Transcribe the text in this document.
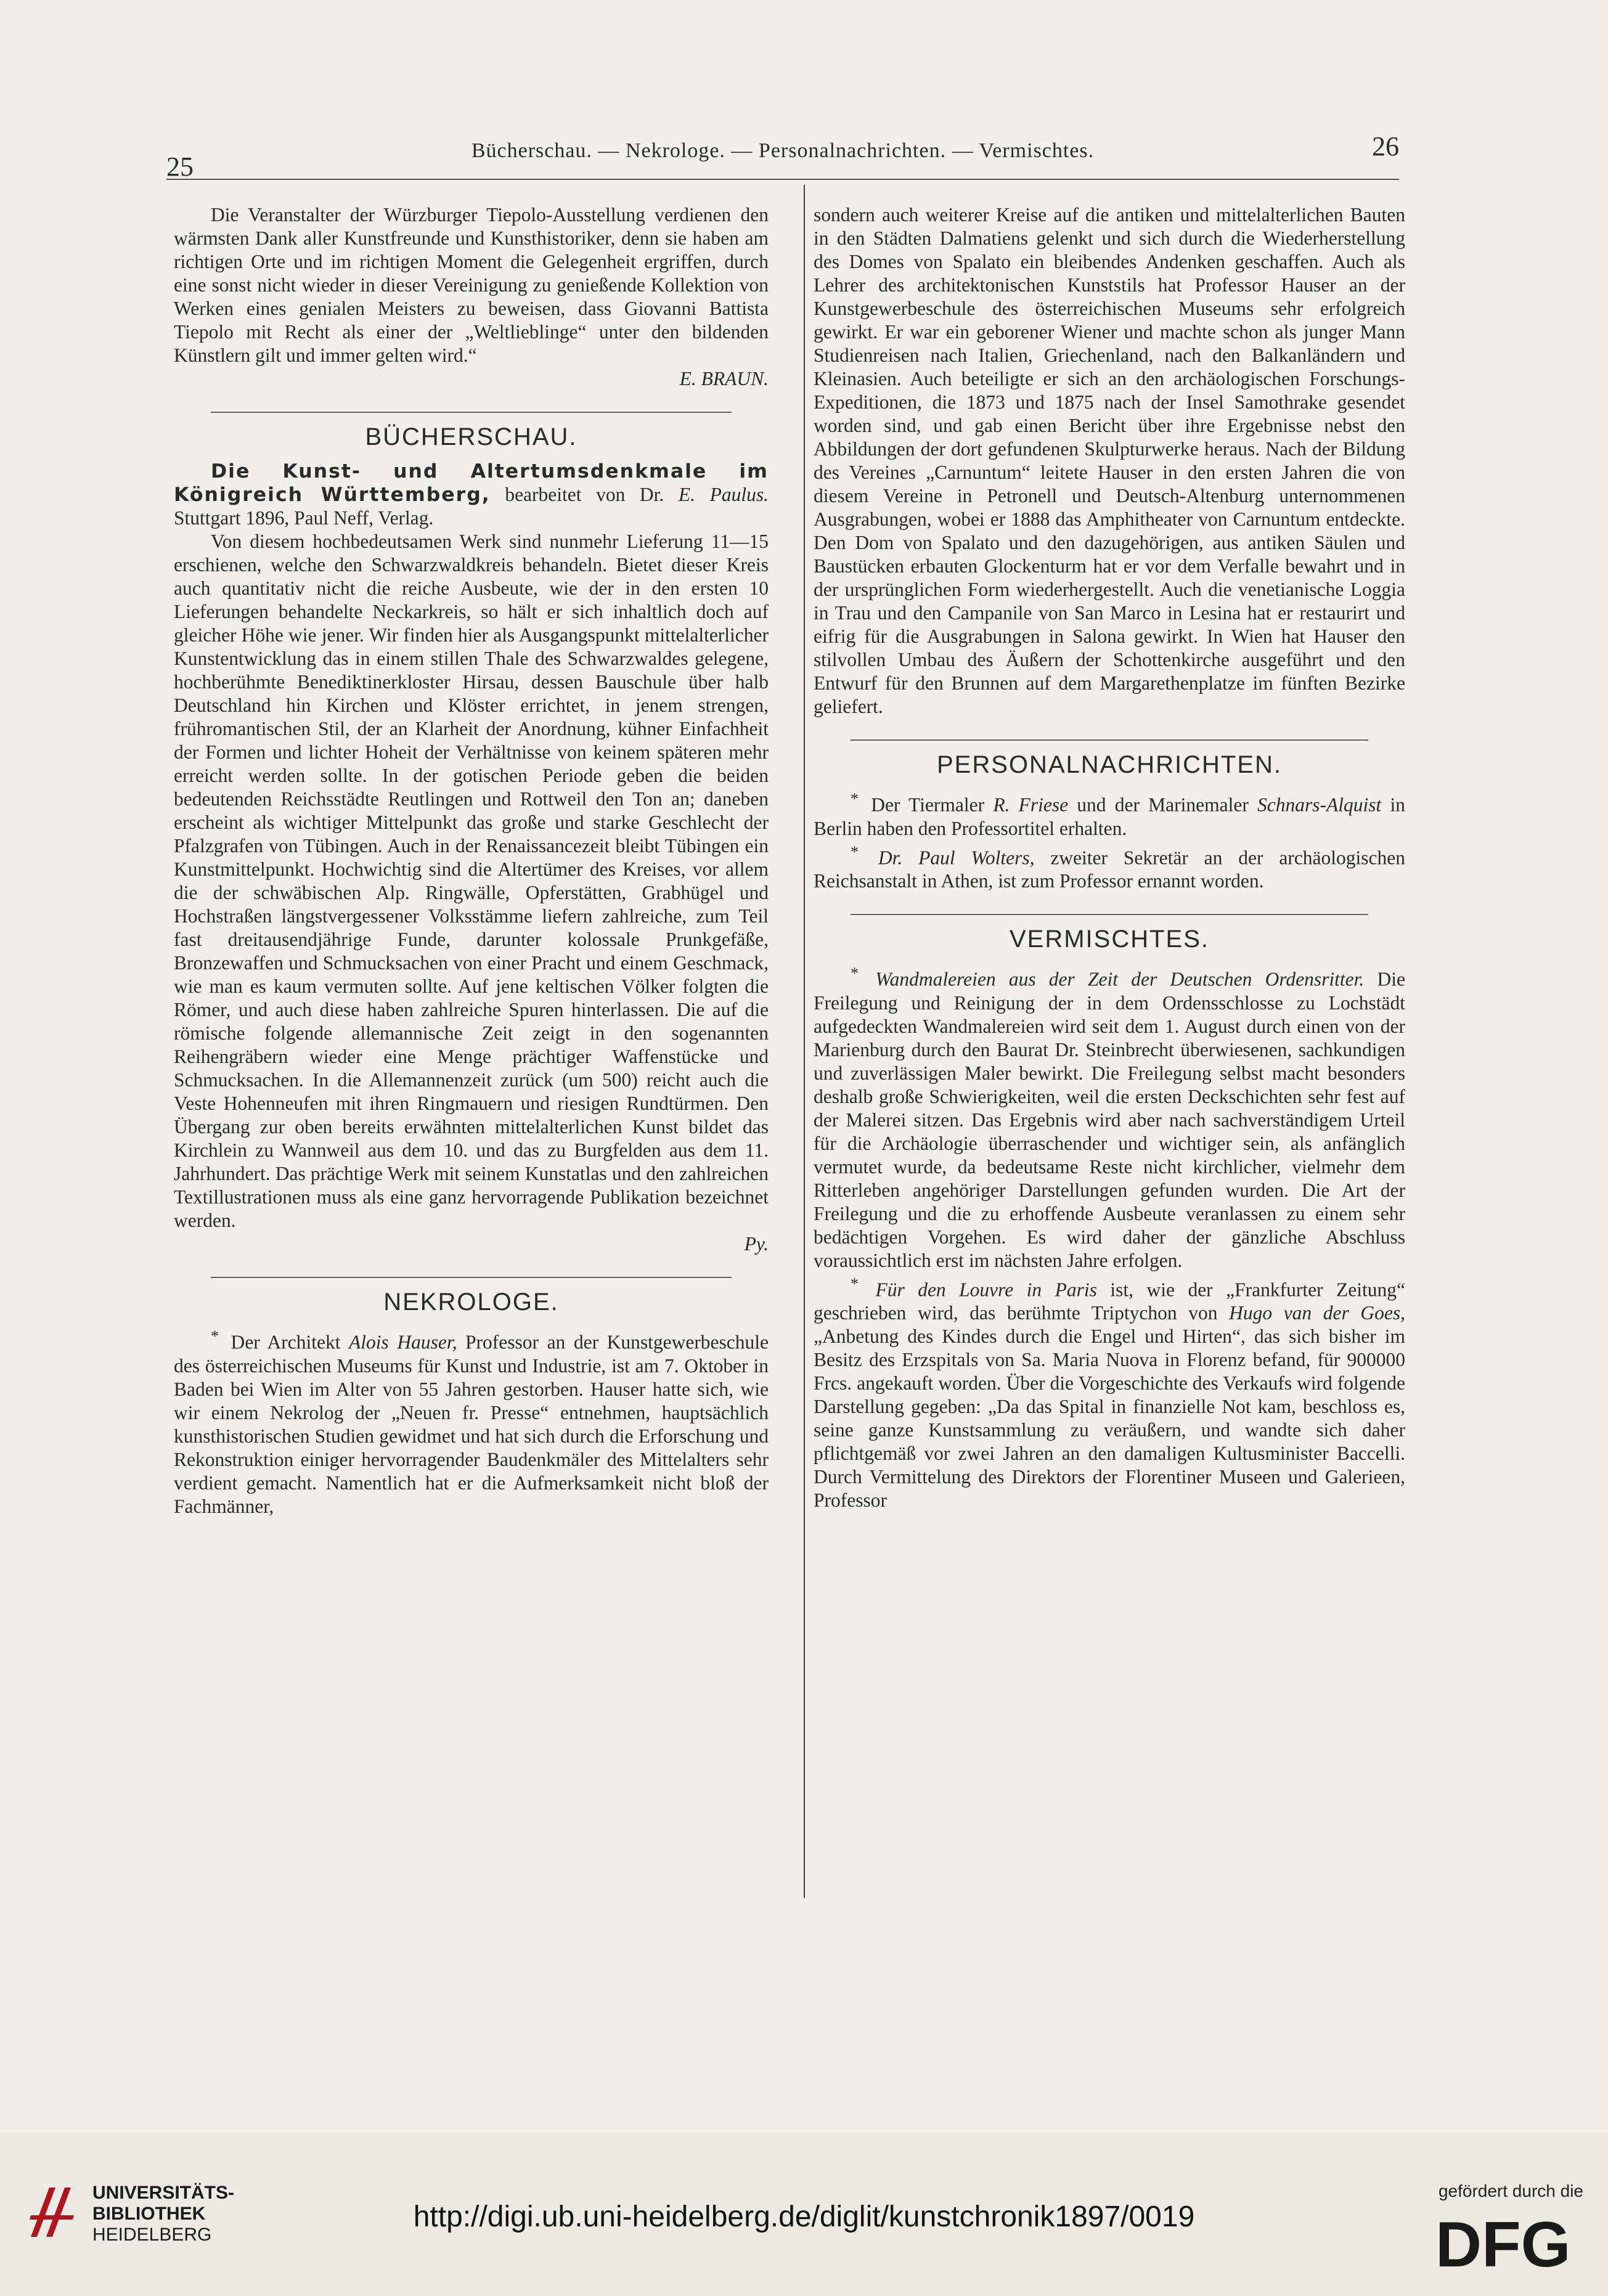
25
Bücherschau. — Nekrologe. — Personalnachrichten. — Vermischtes.	26

Die Veranstalter der Würzburger Tiepolo-Ausstellung verdienen den wärmsten Dank aller Kunstfreunde und Kunsthistoriker, denn sie haben am richtigen Orte und im richtigen Moment die Gelegenheit ergriffen, durch eine sonst nicht wieder in dieser Vereinigung zu genießende Kollektion von Werken eines genialen Meisters zu beweisen, dass Giovanni Battista Tiepolo mit Recht als einer der „Weltlieblinge“ unter den bildenden Künstlern gilt und immer gelten wird.“

E. BRAUN.

BÜCHERSCHAU.

Die Kunst- und Altertumsdenkmale im Königreich Württemberg, bearbeitet von Dr. E. Paulus. Stuttgart 1896, Paul Neff, Verlag.

Von diesem hochbedeutsamen Werk sind nunmehr Lieferung 11—15 erschienen, welche den Schwarzwaldkreis behandeln. Bietet dieser Kreis auch quantitativ nicht die reiche Ausbeute, wie der in den ersten 10 Lieferungen behandelte Neckarkreis, so hält er sich inhaltlich doch auf gleicher Höhe wie jener. Wir finden hier als Ausgangspunkt mittelalterlicher Kunstentwicklung das in einem stillen Thale des Schwarzwaldes gelegene, hochberühmte Benediktinerkloster Hirsau, dessen Bauschule über halb Deutschland hin Kirchen und Klöster errichtet, in jenem strengen, frühromantischen Stil, der an Klarheit der Anordnung, kühner Einfachheit der Formen und lichter Hoheit der Verhältnisse von keinem späteren mehr erreicht werden sollte. In der gotischen Periode geben die beiden bedeutenden Reichsstädte Reutlingen und Rottweil den Ton an; daneben erscheint als wichtiger Mittelpunkt das große und starke Geschlecht der Pfalzgrafen von Tübingen. Auch in der Renaissancezeit bleibt Tübingen ein Kunstmittelpunkt. Hochwichtig sind die Altertümer des Kreises, vor allem die der schwäbischen Alp. Ringwälle, Opferstätten, Grabhügel und Hochstraßen längstvergessener Volksstämme liefern zahlreiche, zum Teil fast dreitausendjährige Funde, darunter kolossale Prunkgefäße, Bronzewaffen und Schmucksachen von einer Pracht und einem Geschmack, wie man es kaum vermuten sollte. Auf jene keltischen Völker folgten die Römer, und auch diese haben zahlreiche Spuren hinterlassen. Die auf die römische folgende allemannische Zeit zeigt in den sogenannten Reihengräbern wieder eine Menge prächtiger Waffenstücke und Schmucksachen. In die Allemannenzeit zurück (um 500) reicht auch die Veste Hohenneufen mit ihren Ringmauern und riesigen Rundtürmen. Den Übergang zur oben bereits erwähnten mittelalterlichen Kunst bildet das Kirchlein zu Wannweil aus dem 10. und das zu Burgfelden aus dem 11. Jahrhundert. Das prächtige Werk mit seinem Kunstatlas und den zahlreichen Textillustrationen muss als eine ganz hervorragende Publikation bezeichnet werden.

Py.

NEKROLOGE.

* Der Architekt Alois Hauser, Professor an der Kunstgewerbeschule des österreichischen Museums für Kunst und Industrie, ist am 7. Oktober in Baden bei Wien im Alter von 55 Jahren gestorben. Hauser hatte sich, wie wir einem Nekrolog der „Neuen fr. Presse“ entnehmen, hauptsächlich kunsthistorischen Studien gewidmet und hat sich durch die Erforschung und Rekonstruktion einiger hervorragender Baudenkmäler des Mittelalters sehr verdient gemacht. Namentlich hat er die Aufmerksamkeit nicht bloß der Fachmänner,

sondern auch weiterer Kreise auf die antiken und mittelalterlichen Bauten in den Städten Dalmatiens gelenkt und sich durch die Wiederherstellung des Domes von Spalato ein bleibendes Andenken geschaffen. Auch als Lehrer des architektonischen Kunststils hat Professor Hauser an der Kunstgewerbeschule des österreichischen Museums sehr erfolgreich gewirkt. Er war ein geborener Wiener und machte schon als junger Mann Studienreisen nach Italien, Griechenland, nach den Balkanländern und Kleinasien. Auch beteiligte er sich an den archäologischen Forschungs-Expeditionen, die 1873 und 1875 nach der Insel Samothrake gesendet worden sind, und gab einen Bericht über ihre Ergebnisse nebst den Abbildungen der dort gefundenen Skulpturwerke heraus. Nach der Bildung des Vereines „Carnuntum“ leitete Hauser in den ersten Jahren die von diesem Vereine in Petronell und Deutsch-Altenburg unternommenen Ausgrabungen, wobei er 1888 das Amphitheater von Carnuntum entdeckte. Den Dom von Spalato und den dazugehörigen, aus antiken Säulen und Baustücken erbauten Glockenturm hat er vor dem Verfalle bewahrt und in der ursprünglichen Form wiederhergestellt. Auch die venetianische Loggia in Trau und den Campanile von San Marco in Lesina hat er restaurirt und eifrig für die Ausgrabungen in Salona gewirkt. In Wien hat Hauser den stilvollen Umbau des Äußern der Schottenkirche ausgeführt und den Entwurf für den Brunnen auf dem Margarethenplatze im fünften Bezirke geliefert.

PERSONALNACHRICHTEN.

* Der Tiermaler R. Friese und der Marinemaler Schnars-Alquist in Berlin haben den Professortitel erhalten.

* Dr. Paul Wolters, zweiter Sekretär an der archäologischen Reichsanstalt in Athen, ist zum Professor ernannt worden.

VERMISCHTES.

* Wandmalereien aus der Zeit der Deutschen Ordensritter. Die Freilegung und Reinigung der in dem Ordensschlosse zu Lochstädt aufgedeckten Wandmalereien wird seit dem 1. August durch einen von der Marienburg durch den Baurat Dr. Steinbrecht überwiesenen, sachkundigen und zuverlässigen Maler bewirkt. Die Freilegung selbst macht besonders deshalb große Schwierigkeiten, weil die ersten Deckschichten sehr fest auf der Malerei sitzen. Das Ergebnis wird aber nach sachverständigem Urteil für die Archäologie überraschender und wichtiger sein, als anfänglich vermutet wurde, da bedeutsame Reste nicht kirchlicher, vielmehr dem Ritterleben angehöriger Darstellungen gefunden wurden. Die Art der Freilegung und die zu erhoffende Ausbeute veranlassen zu einem sehr bedächtigen Vorgehen. Es wird daher der gänzliche Abschluss voraussichtlich erst im nächsten Jahre erfolgen.

* Für den Louvre in Paris ist, wie der „Frankfurter Zeitung“ geschrieben wird, das berühmte Triptychon von Hugo van der Goes, „Anbetung des Kindes durch die Engel und Hirten“, das sich bisher im Besitz des Erzspitals von Sa. Maria Nuova in Florenz befand, für 900000 Frcs. angekauft worden. Über die Vorgeschichte des Verkaufs wird folgende Darstellung gegeben: „Da das Spital in finanzielle Not kam, beschloss es, seine ganze Kunstsammlung zu veräußern, und wandte sich daher pflichtgemäß vor zwei Jahren an den damaligen Kultusminister Baccelli. Durch Vermittelung des Direktors der Florentiner Museen und Galerieen, Professor

UNIVERSITÄTS-
BIBLIOTHEK
HEIDELBERG
http://digi.ub.uni-heidelberg.de/diglit/kunstchronik1897/0019
gefördert durch die
DFG
